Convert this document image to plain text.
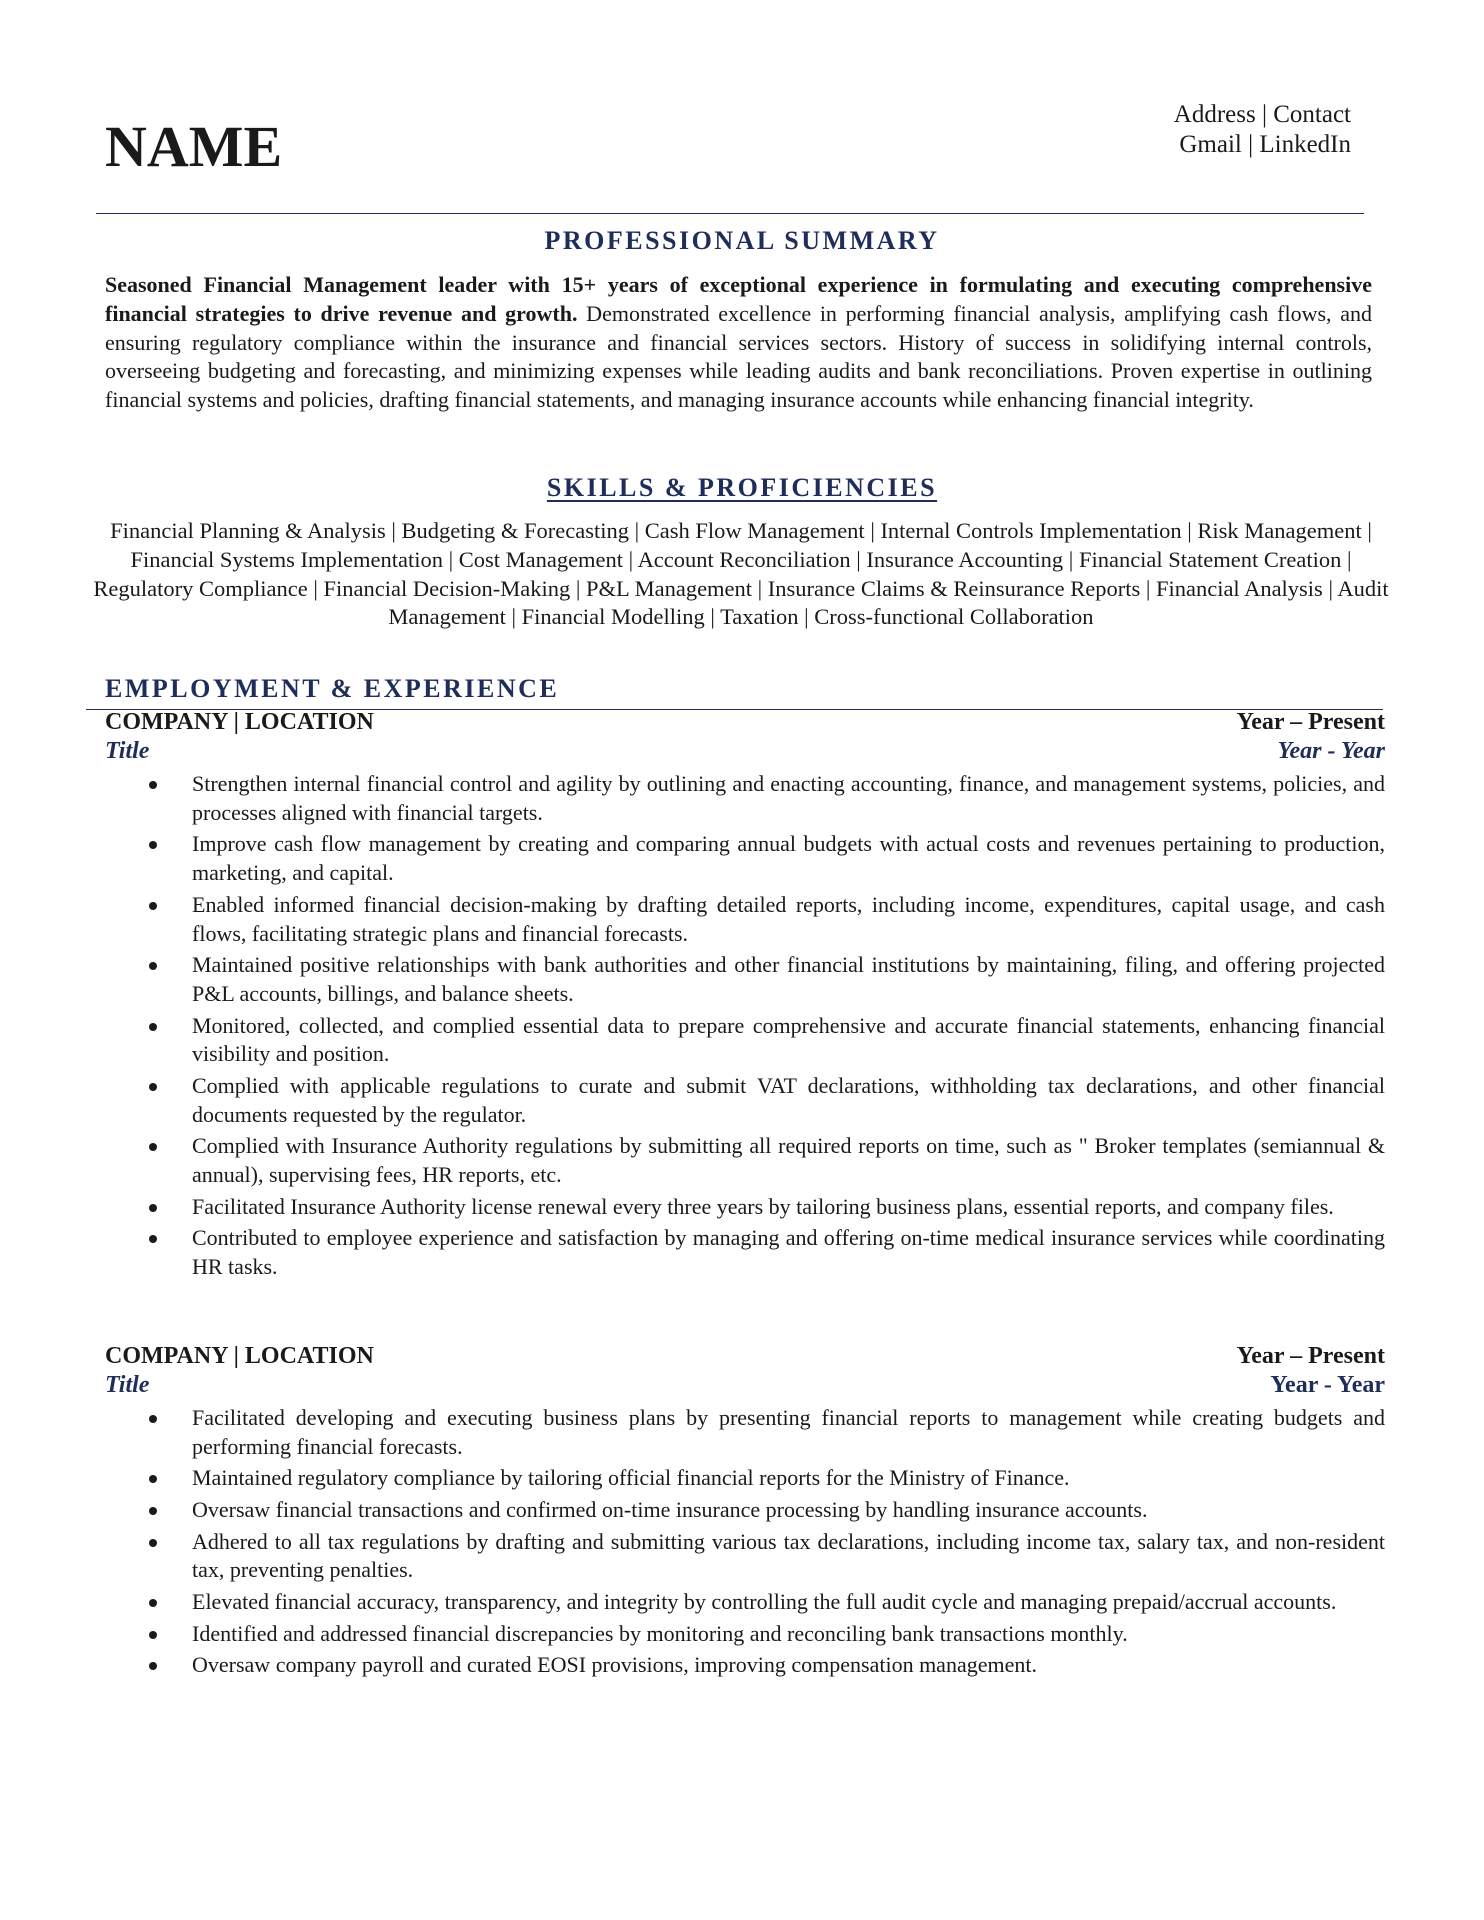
NAME	Address | Contact
Gmail | LinkedIn
PROFESSIONAL SUMMARY
Seasoned Financial Management leader with 15+ years of exceptional experience in formulating and executing comprehensive financial strategies to drive revenue and growth. Demonstrated excellence in performing financial analysis, amplifying cash flows, and ensuring regulatory compliance within the insurance and financial services sectors. History of success in solidifying internal controls, overseeing budgeting and forecasting, and minimizing expenses while leading audits and bank reconciliations. Proven expertise in outlining financial systems and policies, drafting financial statements, and managing insurance accounts while enhancing financial integrity.
SKILLS & PROFICIENCIES
Financial Planning & Analysis | Budgeting & Forecasting | Cash Flow Management | Internal Controls Implementation | Risk Management | Financial Systems Implementation | Cost Management | Account Reconciliation | Insurance Accounting | Financial Statement Creation | Regulatory Compliance | Financial Decision-Making | P&L Management | Insurance Claims & Reinsurance Reports | Financial Analysis | Audit Management | Financial Modelling | Taxation | Cross-functional Collaboration
EMPLOYMENT & EXPERIENCE
COMPANY | LOCATION	Year – Present
Title	Year - Year
Strengthen internal financial control and agility by outlining and enacting accounting, finance, and management systems, policies, and processes aligned with financial targets.
Improve cash flow management by creating and comparing annual budgets with actual costs and revenues pertaining to production, marketing, and capital.
Enabled informed financial decision-making by drafting detailed reports, including income, expenditures, capital usage, and cash flows, facilitating strategic plans and financial forecasts.
Maintained positive relationships with bank authorities and other financial institutions by maintaining, filing, and offering projected P&L accounts, billings, and balance sheets.
Monitored, collected, and complied essential data to prepare comprehensive and accurate financial statements, enhancing financial visibility and position.
Complied with applicable regulations to curate and submit VAT declarations, withholding tax declarations, and other financial documents requested by the regulator.
Complied with Insurance Authority regulations by submitting all required reports on time, such as " Broker templates (semiannual & annual), supervising fees, HR reports, etc.
Facilitated Insurance Authority license renewal every three years by tailoring business plans, essential reports, and company files.
Contributed to employee experience and satisfaction by managing and offering on-time medical insurance services while coordinating HR tasks.
COMPANY | LOCATION	Year – Present
Title	Year - Year
Facilitated developing and executing business plans by presenting financial reports to management while creating budgets and performing financial forecasts.
Maintained regulatory compliance by tailoring official financial reports for the Ministry of Finance.
Oversaw financial transactions and confirmed on-time insurance processing by handling insurance accounts.
Adhered to all tax regulations by drafting and submitting various tax declarations, including income tax, salary tax, and non-resident tax, preventing penalties.
Elevated financial accuracy, transparency, and integrity by controlling the full audit cycle and managing prepaid/accrual accounts.
Identified and addressed financial discrepancies by monitoring and reconciling bank transactions monthly.
Oversaw company payroll and curated EOSI provisions, improving compensation management.
